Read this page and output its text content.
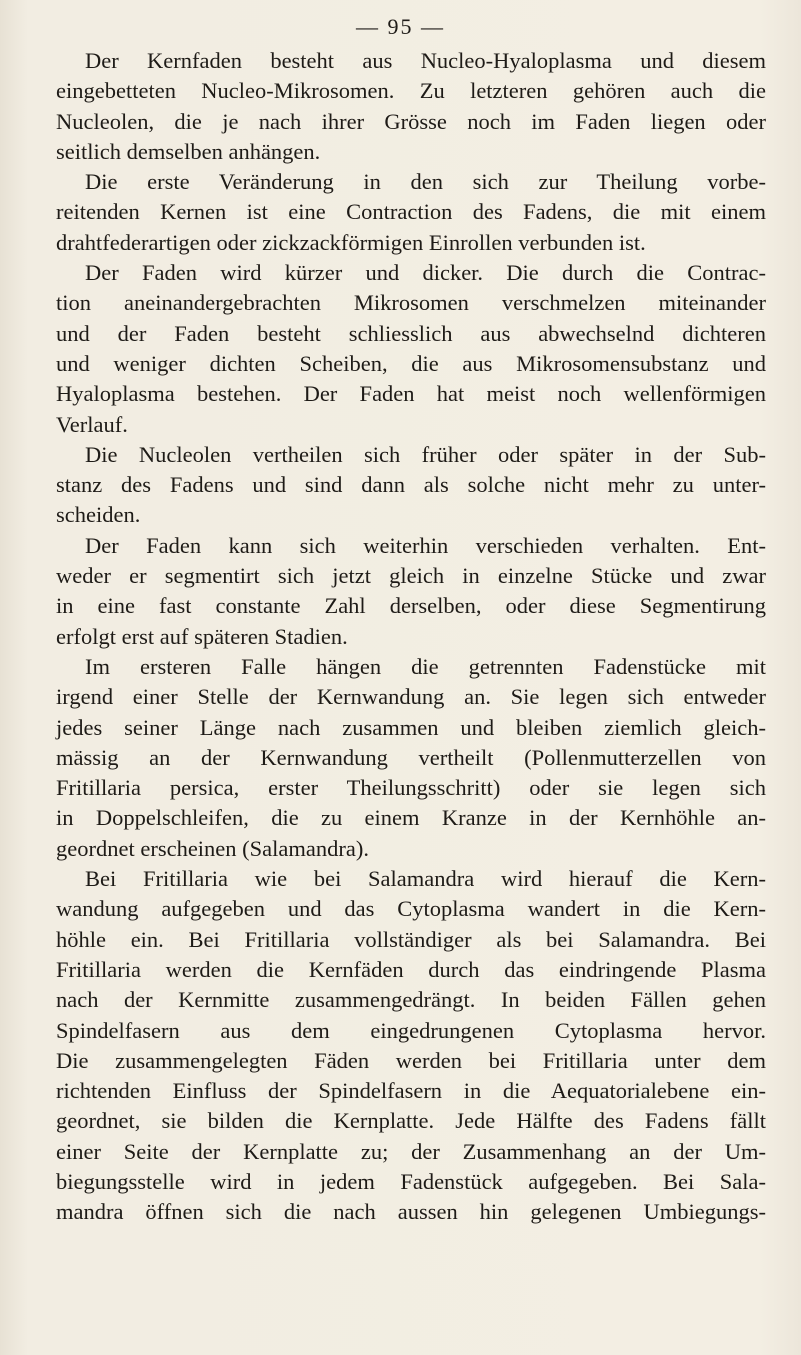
— 95 —

Der Kernfaden besteht aus Nucleo-Hyaloplasma und diesem
eingebetteten Nucleo-Mikrosomen. Zu letzteren gehören auch die
Nucleolen, die je nach ihrer Grösse noch im Faden liegen oder
seitlich demselben anhängen.

Die erste Veränderung in den sich zur Theilung vorbe-
reitenden Kernen ist eine Contraction des Fadens, die mit einem
drahtfederartigen oder zickzackförmigen Einrollen verbunden ist.

Der Faden wird kürzer und dicker. Die durch die Contrac-
tion aneinandergebrachten Mikrosomen verschmelzen miteinander
und der Faden besteht schliesslich aus abwechselnd dichteren
und weniger dichten Scheiben, die aus Mikrosomensubstanz und
Hyaloplasma bestehen. Der Faden hat meist noch wellenförmigen
Verlauf.

Die Nucleolen vertheilen sich früher oder später in der Sub-
stanz des Fadens und sind dann als solche nicht mehr zu unter-
scheiden.

Der Faden kann sich weiterhin verschieden verhalten. Ent-
weder er segmentirt sich jetzt gleich in einzelne Stücke und zwar
in eine fast constante Zahl derselben, oder diese Segmentirung
erfolgt erst auf späteren Stadien.

Im ersteren Falle hängen die getrennten Fadenstücke mit
irgend einer Stelle der Kernwandung an. Sie legen sich entweder
jedes seiner Länge nach zusammen und bleiben ziemlich gleich-
mässig an der Kernwandung vertheilt (Pollenmutterzellen von
Fritillaria persica, erster Theilungsschritt) oder sie legen sich
in Doppelschleifen, die zu einem Kranze in der Kernhöhle an-
geordnet erscheinen (Salamandra).

Bei Fritillaria wie bei Salamandra wird hierauf die Kern-
wandung aufgegeben und das Cytoplasma wandert in die Kern-
höhle ein. Bei Fritillaria vollständiger als bei Salamandra. Bei
Fritillaria werden die Kernfäden durch das eindringende Plasma
nach der Kernmitte zusammengedrängt. In beiden Fällen gehen
Spindelfasern aus dem eingedrungenen Cytoplasma hervor.
Die zusammengelegten Fäden werden bei Fritillaria unter dem
richtenden Einfluss der Spindelfasern in die Aequatorialebene ein-
geordnet, sie bilden die Kernplatte. Jede Hälfte des Fadens fällt
einer Seite der Kernplatte zu; der Zusammenhang an der Um-
biegungsstelle wird in jedem Fadenstück aufgegeben. Bei Sala-
mandra öffnen sich die nach aussen hin gelegenen Umbiegungs-
